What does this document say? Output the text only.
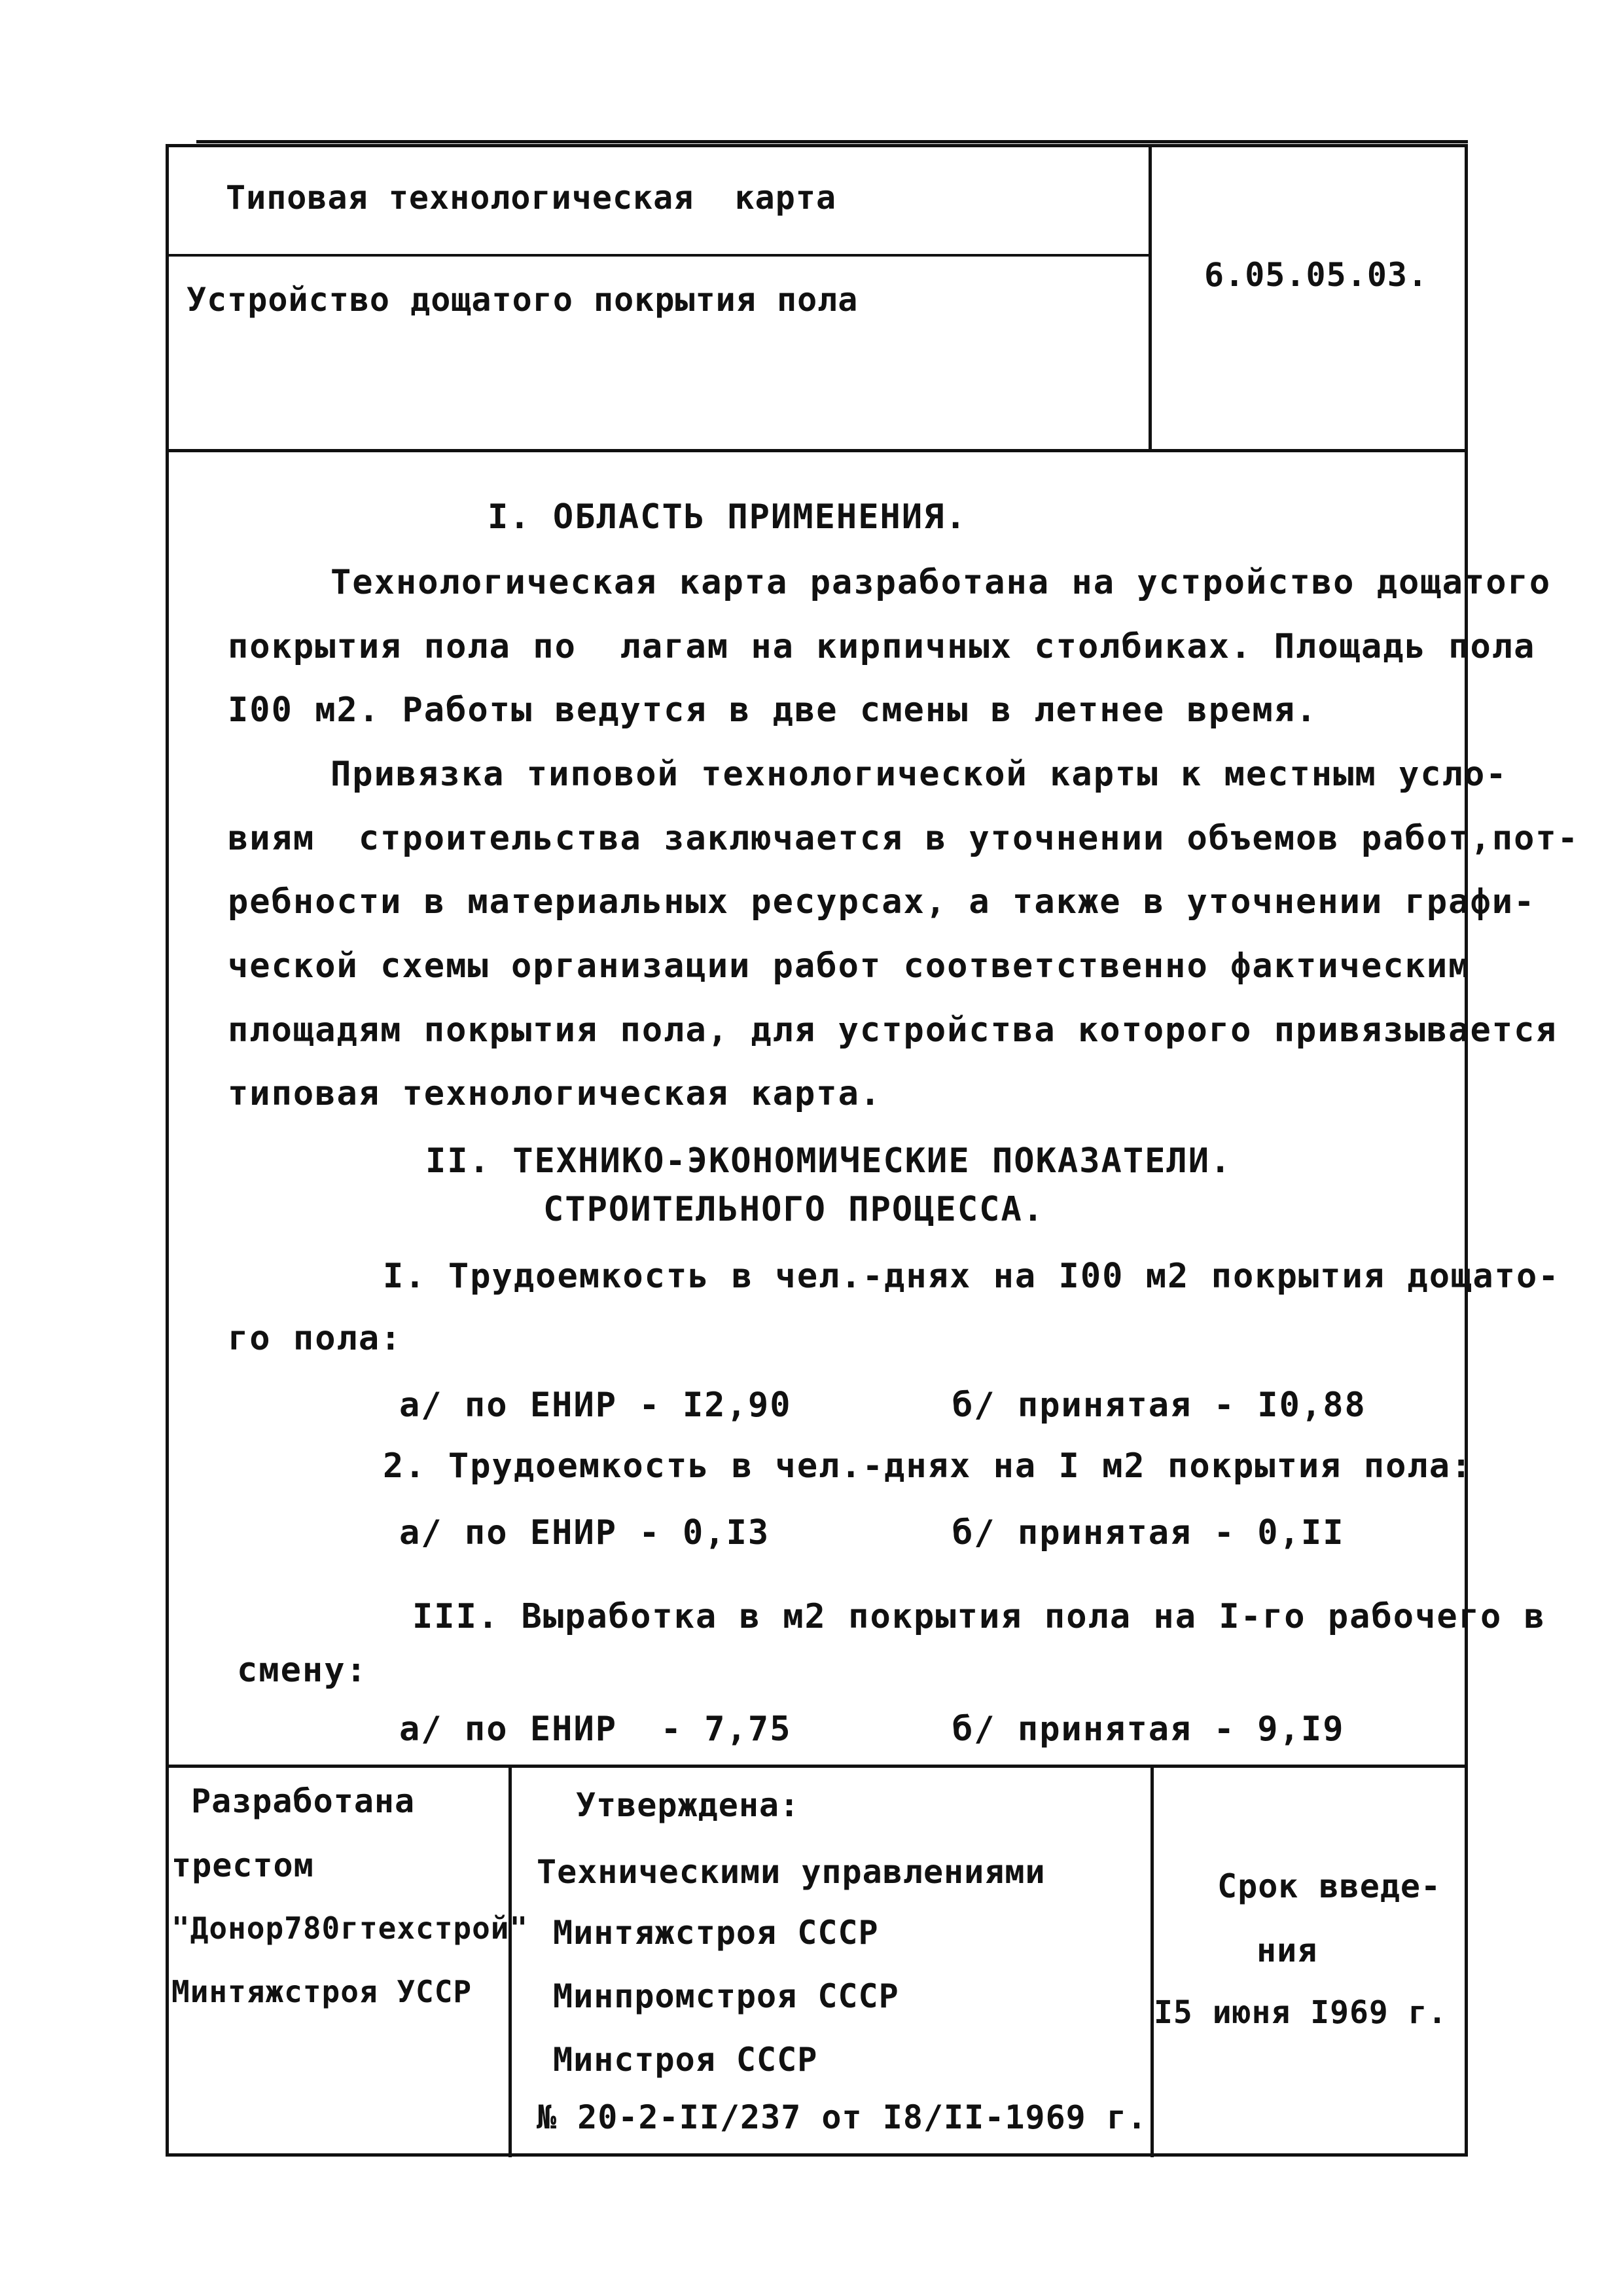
Типовая технологическая  карта
Устройство дощатого покрытия пола
6.05.05.03.
I. ОБЛАСТЬ ПРИМЕНЕНИЯ.
Технологическая карта разработана на устройство дощатого
покрытия пола по  лагам на кирпичных столбиках. Площадь пола
I00 м2. Работы ведутся в две смены в летнее время.
Привязка типовой технологической карты к местным усло-
виям  строительства заключается в уточнении объемов работ,пот-
ребности в материальных ресурсах, а также в уточнении графи-
ческой схемы организации работ соответственно фактическим
площадям покрытия пола, для устройства которого привязывается
типовая технологическая карта.
II. ТЕХНИКО-ЭКОНОМИЧЕСКИЕ ПОКАЗАТЕЛИ.
СТРОИТЕЛЬНОГО ПРОЦЕССА.
I. Трудоемкость в чел.-днях на I00 м2 покрытия дощато-
го пола:
а/ по ЕНИР - I2,90	б/ принятая - I0,88
2. Трудоемкость в чел.-днях на I м2 покрытия пола:
а/ по ЕНИР - 0,I3	б/ принятая - 0,II
III. Выработка в м2 покрытия пола на I-го рабочего в
смену:
а/ по ЕНИР  - 7,75	б/ принятая - 9,I9
Разработана
трестом
"Донор780гтехстрой"
Минтяжстроя УССР
Утверждена:
Техническими управлениями
Минтяжстроя СССР
Минпромстроя СССР
Минстроя СССР
№ 20-2-II/237 от I8/II-1969 г.
Срок введе-
ния
I5 июня I969 г.
